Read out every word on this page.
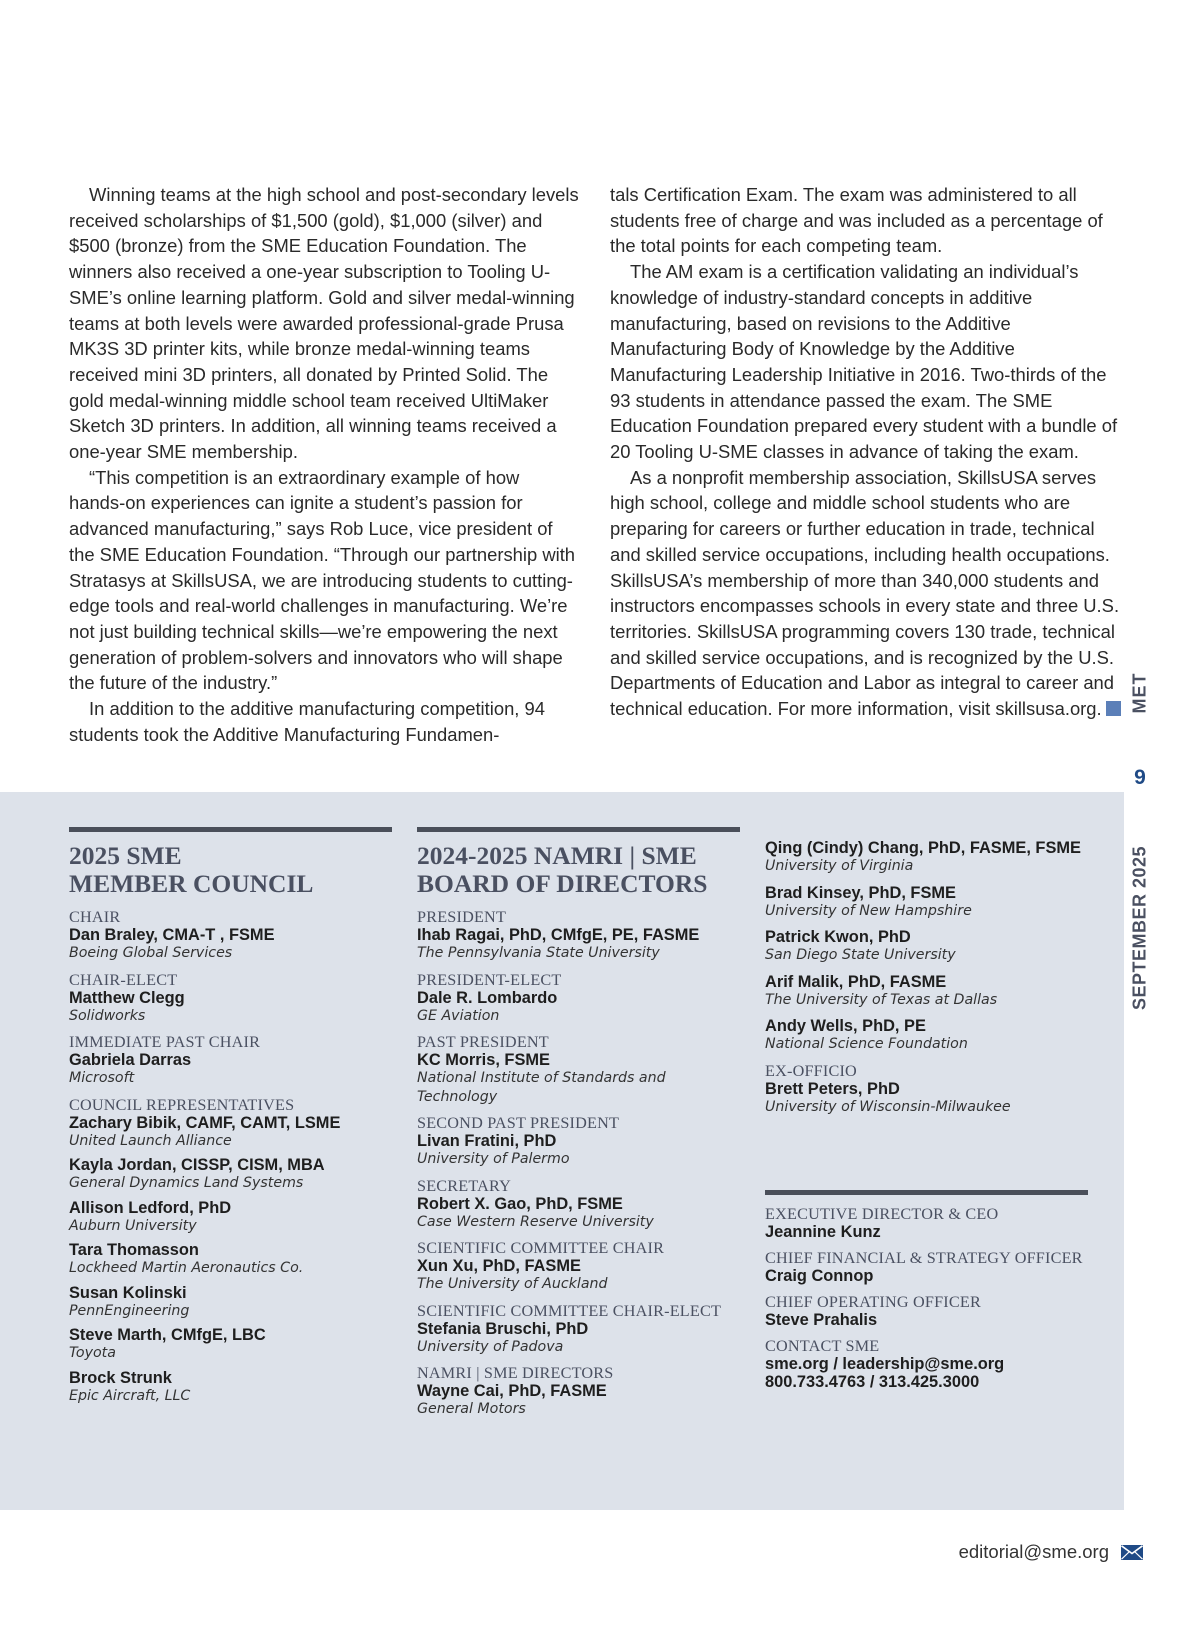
Winning teams at the high school and post-secondary levels received scholarships of $1,500 (gold), $1,000 (silver) and $500 (bronze) from the SME Education Foundation. The winners also received a one-year subscription to Tooling U-SME’s online learning platform. Gold and silver medal-winning teams at both levels were awarded professional-grade Prusa MK3S 3D printer kits, while bronze medal-winning teams received mini 3D printers, all donated by Printed Solid. The gold medal-winning middle school team received UltiMaker Sketch 3D printers. In addition, all winning teams received a one-year SME membership.

“This competition is an extraordinary example of how hands-on experiences can ignite a student’s passion for advanced manufacturing,” says Rob Luce, vice president of the SME Education Foundation. “Through our partnership with Stratasys at SkillsUSA, we are introducing students to cutting-edge tools and real-world challenges in manufacturing. We’re not just building technical skills—we’re empowering the next generation of problem-solvers and innovators who will shape the future of the industry.”

In addition to the additive manufacturing competition, 94 students took the Additive Manufacturing Fundamen-

tals Certification Exam. The exam was administered to all students free of charge and was included as a percentage of the total points for each competing team.

The AM exam is a certification validating an individual’s knowledge of industry-standard concepts in additive manufacturing, based on revisions to the Additive Manufacturing Body of Knowledge by the Additive Manufacturing Leadership Initiative in 2016. Two-thirds of the 93 students in attendance passed the exam. The SME Education Foundation prepared every student with a bundle of 20 Tooling U-SME classes in advance of taking the exam.

As a nonprofit membership association, SkillsUSA serves high school, college and middle school students who are preparing for careers or further education in trade, technical and skilled service occupations, including health occupations. SkillsUSA’s membership of more than 340,000 students and instructors encompasses schools in every state and three U.S. territories. SkillsUSA programming covers 130 trade, technical and skilled service occupations, and is recognized by the U.S. Departments of Education and Labor as integral to career and technical education. For more information, visit skillsusa.org.	MET
9
SEPTEMBER 2025
2025 SME
MEMBER COUNCIL
CHAIR
Dan Braley, CMA-T , FSME
Boeing Global Services
CHAIR-ELECT
Matthew Clegg
Solidworks
IMMEDIATE PAST CHAIR
Gabriela Darras
Microsoft
COUNCIL REPRESENTATIVES
Zachary Bibik, CAMF, CAMT, LSME
United Launch Alliance
Kayla Jordan, CISSP, CISM, MBA
General Dynamics Land Systems
Allison Ledford, PhD
Auburn University
Tara Thomasson
Lockheed Martin Aeronautics Co.
Susan Kolinski
PennEngineering
Steve Marth, CMfgE, LBC
Toyota
Brock Strunk
Epic Aircraft, LLC
2024-2025 NAMRI | SME
BOARD OF DIRECTORS
PRESIDENT
Ihab Ragai, PhD, CMfgE, PE, FASME
The Pennsylvania State University
PRESIDENT-ELECT
Dale R. Lombardo
GE Aviation
PAST PRESIDENT
KC Morris, FSME
National Institute of Standards and Technology
SECOND PAST PRESIDENT
Livan Fratini, PhD
University of Palermo
SECRETARY
Robert X. Gao, PhD, FSME
Case Western Reserve University
SCIENTIFIC COMMITTEE CHAIR
Xun Xu, PhD, FASME
The University of Auckland
SCIENTIFIC COMMITTEE CHAIR-ELECT
Stefania Bruschi, PhD
University of Padova
NAMRI | SME DIRECTORS
Wayne Cai, PhD, FASME
General Motors
Qing (Cindy) Chang, PhD, FASME, FSME
University of Virginia
Brad Kinsey, PhD, FSME
University of New Hampshire
Patrick Kwon, PhD
San Diego State University
Arif Malik, PhD, FASME
The University of Texas at Dallas
Andy Wells, PhD, PE
National Science Foundation
EX-OFFICIO
Brett Peters, PhD
University of Wisconsin-Milwaukee
EXECUTIVE DIRECTOR & CEO
Jeannine Kunz
CHIEF FINANCIAL & STRATEGY OFFICER
Craig Connop
CHIEF OPERATING OFFICER
Steve Prahalis
CONTACT SME
sme.org / leadership@sme.org
800.733.4763 / 313.425.3000
editorial@sme.org
